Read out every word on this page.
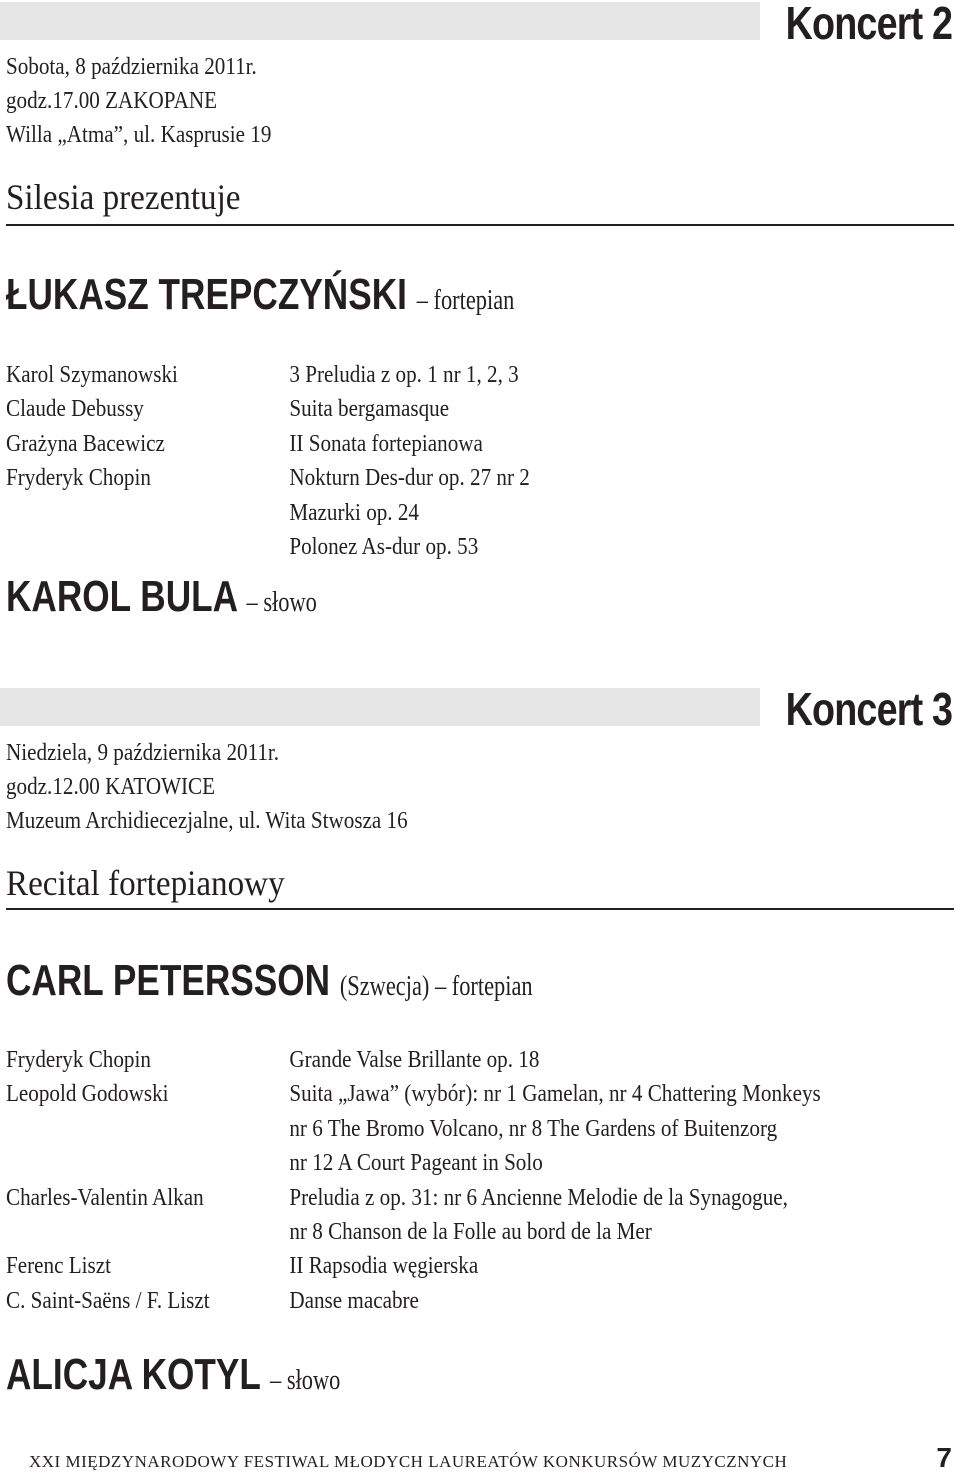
Koncert 2
Sobota, 8 października 2011r.
godz.17.00 ZAKOPANE
Willa „Atma”, ul. Kasprusie 19
Silesia prezentuje
ŁUKASZ TREPCZYŃSKI – fortepian
Karol Szymanowski	3 Preludia z op. 1 nr 1, 2, 3
Claude Debussy	Suita bergamasque
Grażyna Bacewicz	II Sonata fortepianowa
Fryderyk Chopin	Nokturn Des-dur op. 27 nr 2
Mazurki op. 24
Polonez As-dur op. 53
KAROL BULA – słowo
Koncert 3
Niedziela, 9 października 2011r.
godz.12.00 KATOWICE
Muzeum Archidiecezjalne, ul. Wita Stwosza 16
Recital fortepianowy
CARL PETERSSON (Szwecja) – fortepian
Fryderyk Chopin	Grande Valse Brillante op. 18
Leopold Godowski	Suita „Jawa” (wybór): nr 1 Gamelan, nr 4 Chattering Monkeys
nr 6 The Bromo Volcano, nr 8 The Gardens of Buitenzorg
nr 12 A Court Pageant in Solo
Charles-Valentin Alkan	Preludia z op. 31: nr 6 Ancienne Melodie de la Synagogue,
nr 8 Chanson de la Folle au bord de la Mer
Ferenc Liszt	II Rapsodia węgierska
C. Saint-Saëns / F. Liszt	Danse macabre
ALICJA KOTYL – słowo
XXI MIĘDZYNARODOWY FESTIWAL MŁODYCH LAUREATÓW KONKURSÓW MUZYCZNYCH	7
